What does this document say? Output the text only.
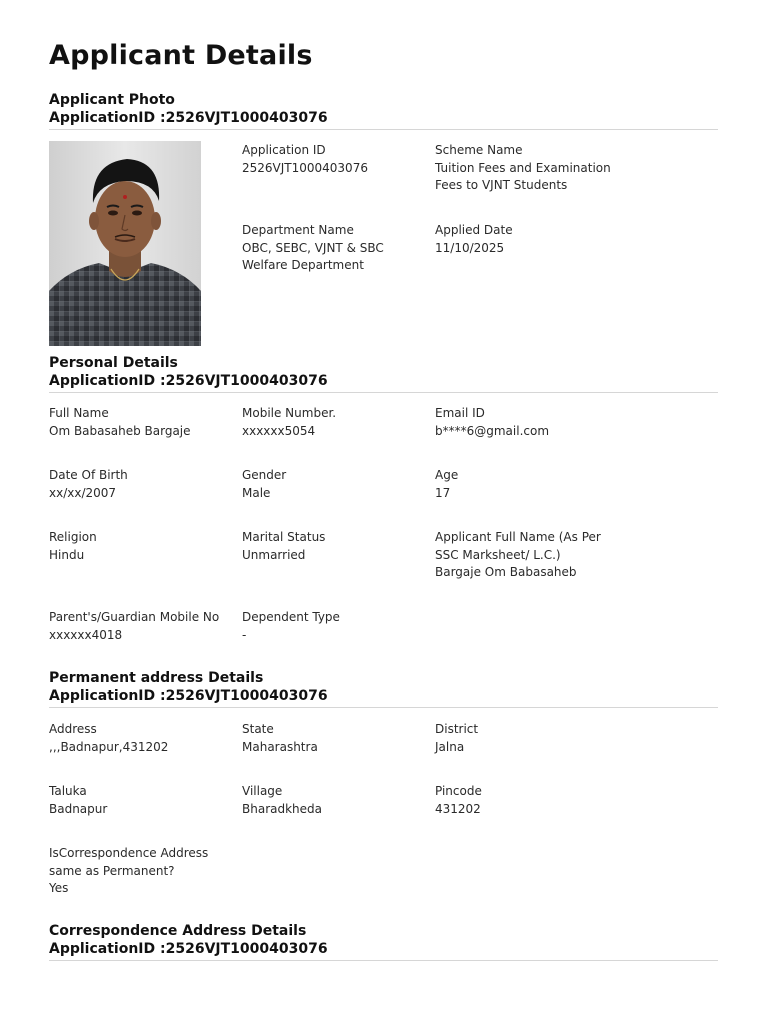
Applicant Details
Applicant Photo
ApplicationID :2526VJT1000403076
Application ID
2526VJT1000403076
Scheme Name
Tuition Fees and Examination
Fees to VJNT Students
Department Name
OBC, SEBC, VJNT & SBC
Welfare Department
Applied Date
11/10/2025
Personal Details
ApplicationID :2526VJT1000403076
Full Name
Om Babasaheb Bargaje
Mobile Number.
xxxxxx5054
Email ID
b****6@gmail.com
Date Of Birth
xx/xx/2007
Gender
Male
Age
17
Religion
Hindu
Marital Status
Unmarried
Applicant Full Name (As Per
SSC Marksheet/ L.C.)
Bargaje Om Babasaheb
Parent's/Guardian Mobile No
xxxxxx4018
Dependent Type
-
Permanent address Details
ApplicationID :2526VJT1000403076
Address
,,,Badnapur,431202
State
Maharashtra
District
Jalna
Taluka
Badnapur
Village
Bharadkheda
Pincode
431202
IsCorrespondence Address
same as Permanent?
Yes
Correspondence Address Details
ApplicationID :2526VJT1000403076
